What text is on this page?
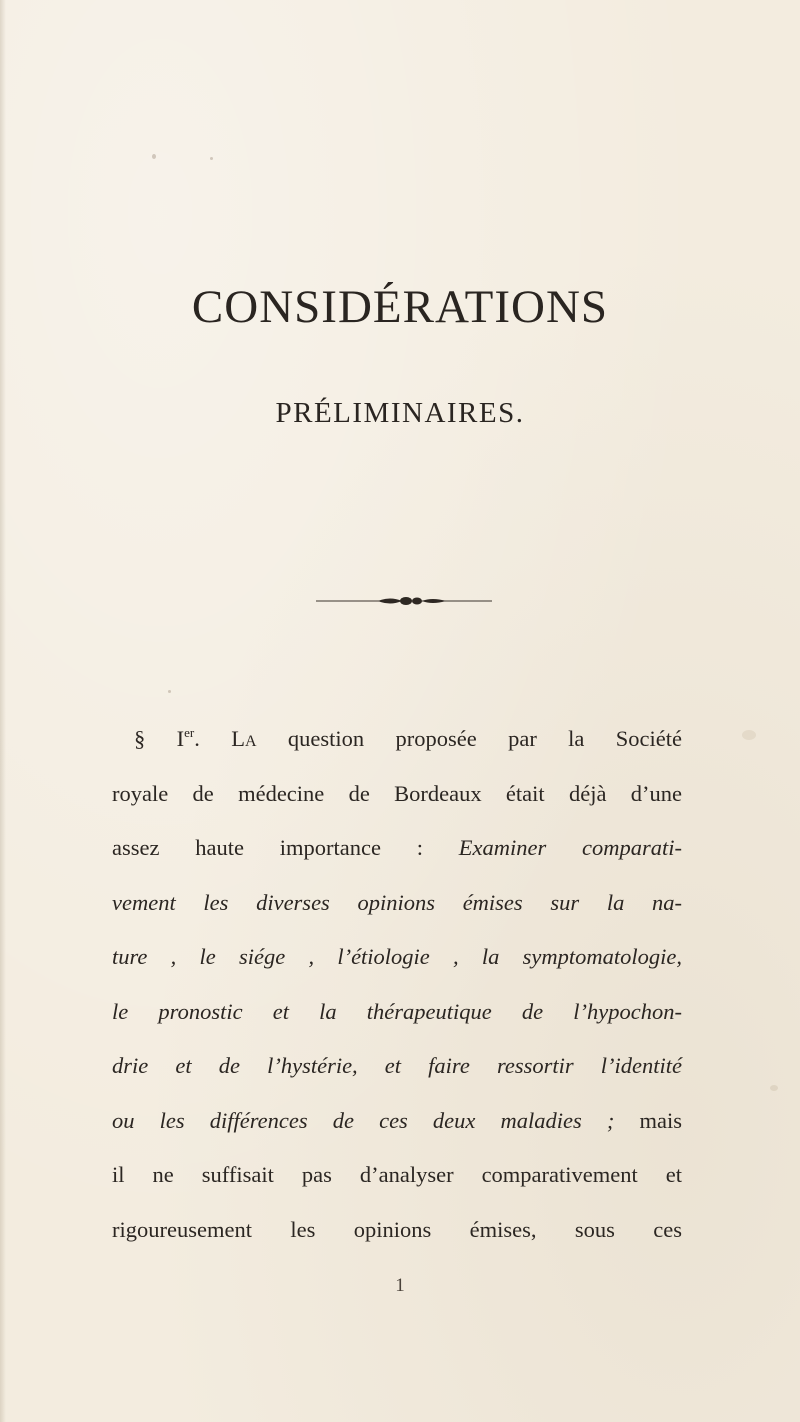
CONSIDÉRATIONS
PRÉLIMINAIRES.
§ Ier. La question proposée par la Société
royale de médecine de Bordeaux était déjà d’une
assez haute importance : Examiner comparati-
vement les diverses opinions émises sur la na-
ture , le siége , l’étiologie , la symptomatologie,
le pronostic et la thérapeutique de l’hypochon-
drie et de l’hystérie, et faire ressortir l’identité
ou les différences de ces deux maladies ; mais
il ne suffisait pas d’analyser comparativement et
rigoureusement les opinions émises, sous ces
1
